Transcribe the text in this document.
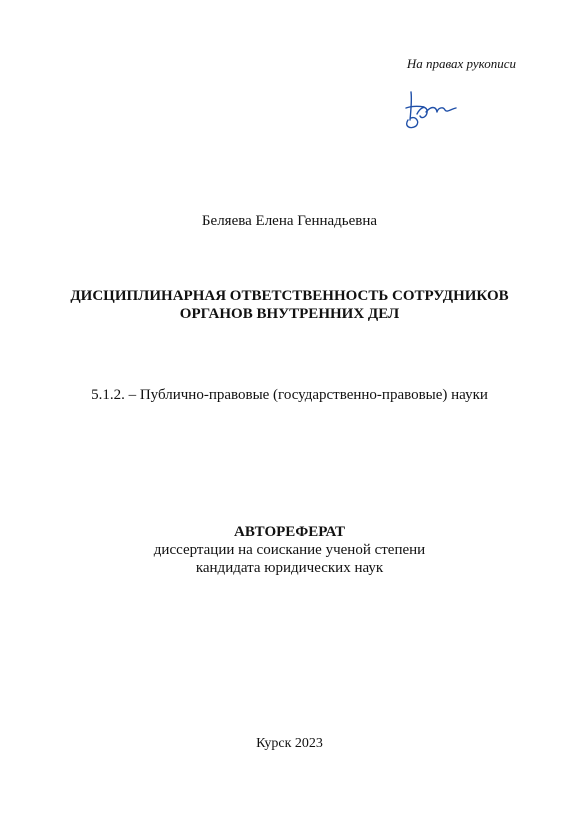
На правах рукописи
Беляева Елена Геннадьевна
ДИСЦИПЛИНАРНАЯ ОТВЕТСТВЕННОСТЬ СОТРУДНИКОВ
ОРГАНОВ ВНУТРЕННИХ ДЕЛ
5.1.2. – Публично-правовые (государственно-правовые) науки
АВТОРЕФЕРАТ
диссертации на соискание ученой степени
кандидата юридических наук
Курск 2023
